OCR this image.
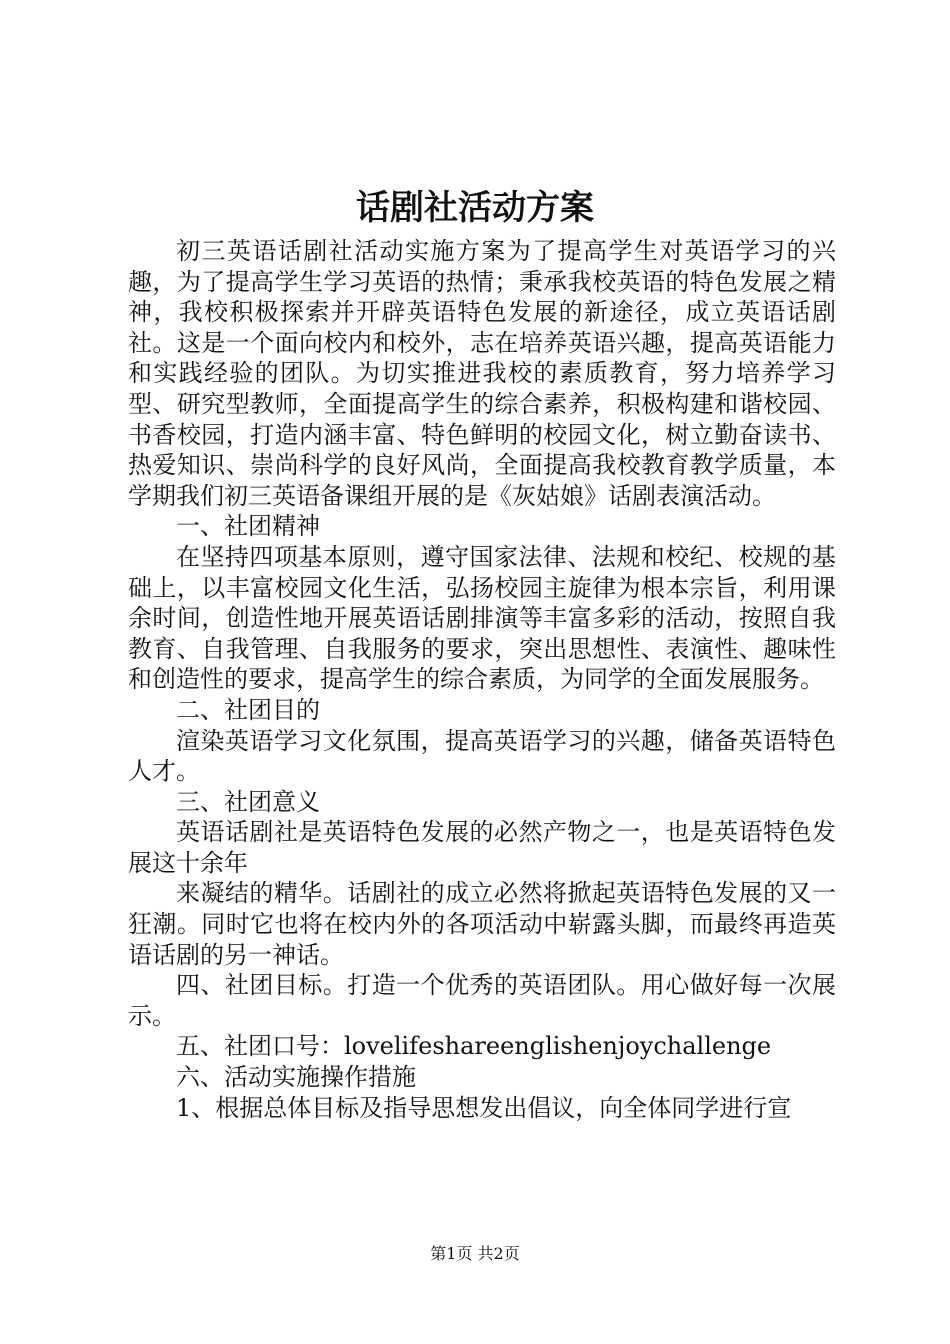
话剧社活动方案

初三英语话剧社活动实施方案为了提高学生对英语学习的兴趣，为了提高学生学习英语的热情；秉承我校英语的特色发展之精神，我校积极探索并开辟英语特色发展的新途径，成立英语话剧社。这是一个面向校内和校外，志在培养英语兴趣，提高英语能力和实践经验的团队。为切实推进我校的素质教育，努力培养学习型、研究型教师，全面提高学生的综合素养，积极构建和谐校园、书香校园，打造内涵丰富、特色鲜明的校园文化，树立勤奋读书、热爱知识、崇尚科学的良好风尚，全面提高我校教育教学质量，本学期我们初三英语备课组开展的是《灰姑娘》话剧表演活动。

一、社团精神

在坚持四项基本原则，遵守国家法律、法规和校纪、校规的基础上，以丰富校园文化生活，弘扬校园主旋律为根本宗旨，利用课余时间，创造性地开展英语话剧排演等丰富多彩的活动，按照自我教育、自我管理、自我服务的要求，突出思想性、表演性、趣味性和创造性的要求，提高学生的综合素质，为同学的全面发展服务。

二、社团目的

渲染英语学习文化氛围，提高英语学习的兴趣，储备英语特色人才。

三、社团意义

英语话剧社是英语特色发展的必然产物之一，也是英语特色发展这十余年

来凝结的精华。话剧社的成立必然将掀起英语特色发展的又一狂潮。同时它也将在校内外的各项活动中崭露头脚，而最终再造英语话剧的另一神话。

四、社团目标。打造一个优秀的英语团队。用心做好每一次展示。

五、社团口号：lovelifeshareenglishenjoychallenge

六、活动实施操作措施

1、根据总体目标及指导思想发出倡议，向全体同学进行宣

第1页 共2页
